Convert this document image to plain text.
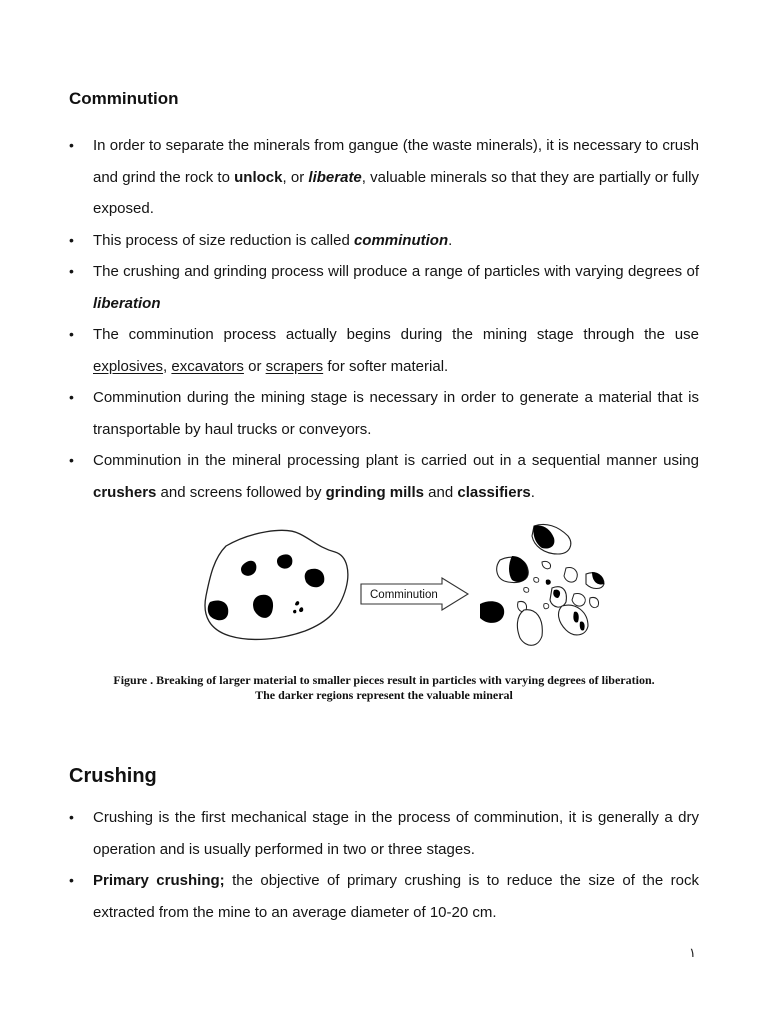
Comminution
• In order to separate the minerals from gangue (the waste minerals), it is necessary to crush and grind the rock to unlock, or liberate, valuable minerals so that they are partially or fully exposed.
• This process of size reduction is called comminution.
• The crushing and grinding process will produce a range of particles with varying degrees of liberation
• The comminution process actually begins during the mining stage through the use explosives, excavators or scrapers for softer material.
• Comminution during the mining stage is necessary in order to generate a material that is transportable by haul trucks or conveyors.
• Comminution in the mineral processing plant is carried out in a sequential manner using crushers and screens followed by grinding mills and classifiers.
Comminution
Figure . Breaking of larger material to smaller pieces result in particles with varying degrees of liberation.
The darker regions represent the valuable mineral
Crushing
• Crushing is the first mechanical stage in the process of comminution, it is generally a dry operation and is usually performed in two or three stages.
• Primary crushing; the objective of primary crushing is to reduce the size of the rock extracted from the mine to an average diameter of 10-20 cm.
١
